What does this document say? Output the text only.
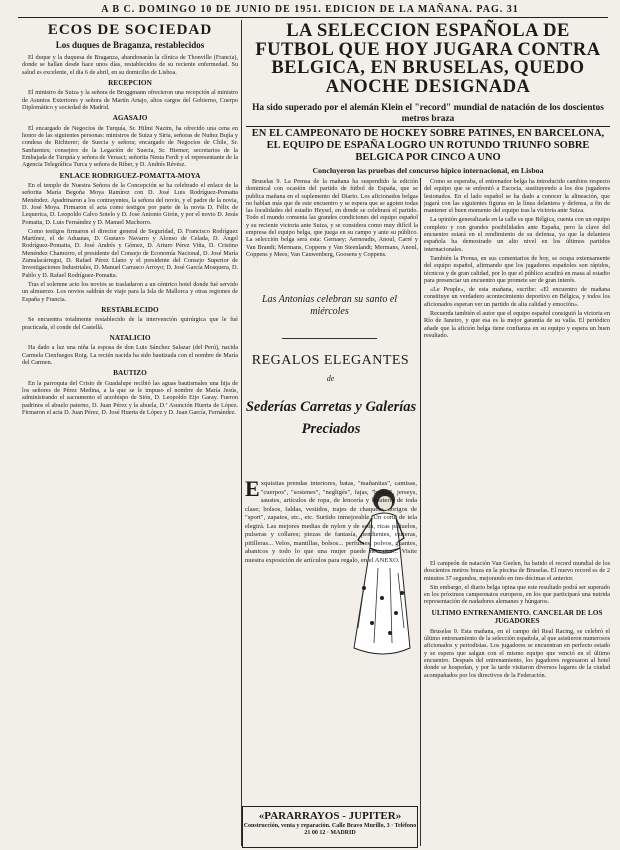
A B C. DOMINGO 10 DE JUNIO DE 1951. EDICION DE LA MAÑANA. PAG. 31
ECOS DE SOCIEDAD
Los duques de Braganza, restablecidos

El duque y la duquesa de Braganza, abandonarán la clínica de Thonville (Francia), donde se hallan desde hace unos días, restablecidos de su reciente enfermedad. Su salud es excelente, el día 6 de abril, en su domicilio de Lisboa.

RECEPCION

El ministro de Suiza y la señora de Bruggmann ofrecieron una recepción al ministro de Asuntos Exteriores y señora de Martín Artajo, altos cargos del Gobierno, Cuerpo Diplomático y sociedad de Madrid.

AGASAJO

El encargado de Negocios de Turquía, Sr. Hilmi Nazim, ha ofrecido una cena en honor de las siguientes personas: ministros de Suiza y Siria, señoras de Nuñez Bujía y condesa de Richterer; de Suecia y señora; encargado de Negocios de Chile, Sr. Sanfuentes; consejero de la Legación de Suecia, Sr. Hiemer; secretarios de la Embajada de Turquía y señora de Versaci; señorita Nesta Ferdi y el representante de la Agencia Telegráfica Turca y señora de Riber, y D. Andrés Révész.

ENLACE RODRIGUEZ-POMATTA-MOYA

En el templo de Nuestra Señora de la Concepción se ha celebrado el enlace de la señorita María Begoña Moya Ramírez con D. José Luis Rodríguez-Pomatta Menéndez. Apadrinaron a los contrayentes, la señora del novio, y el padre de la novia, D. José Moya. Firmaron el acta como testigos por parte de la novia D. Félix de Lequerica, D. Leopoldo Calvo Sotelo y D. José Antonio Girón, y por el novio D. Jesús Pomatta, D. Luis Fernández y D. Manuel Machorro.

Como testigos firmaron el director general de Seguridad, D. Francisco Rodríguez Martínez, el de Aduanas, D. Gustavo Navarro y Alonso de Celada, D. Ángel Rodríguez-Pomatta, D. José Andrés y Gómez, D. Arturo Pérez Viña, D. Cristino Menéndez Chamorro, el presidente del Consejo de Economía Nacional, D. José María Zumalacárregui, D. Rafael Pérez Llano y el presidente del Consejo Superior de Investigaciones Industriales, D. Manuel Carrasco Arroyo; D. José García Mosquera, D. Pablo y D. Rafael Rodríguez-Pomatta.

Tras el solemne acto los novios se trasladaron a un céntrico hotel donde fué servido un almuerzo. Los novios saldrán de viaje para la Isla de Mallorca y otras regiones de España y Francia.

RESTABLECIDO

Se encuentra totalmente restablecido de la intervención quirúrgica que le fué practicada, el conde del Castellá.

NATALICIO

Ha dado a luz una niña la esposa de don Luis Sánchez Salazar (del Perú), nacida Carmela Cienfuegos Roig. La recién nacida ha sido bautizada con el nombre de María del Carmen.

BAUTIZO

En la parroquia del Cristo de Guadalupe recibió las aguas bautismales una hija de los señores de Pérez Medina, a la que se le impuso el nombre de María Jesús, administrando el sacramento el arzobispo de Sión, D. Leopoldo Eijo Garay. Fueron padrinos el abuelo paterno, D. Juan Pérez y la abuela, D.ª Asunción Huerta de López. Firmaron el acta D. Juan Pérez, D. José Huerta de López y D. Juan García, Fernández.

LA SELECCION ESPAÑOLA DE FUTBOL QUE HOY JUGARA CONTRA BELGICA, EN BRUSELAS, QUEDO ANOCHE DESIGNADA
Ha sido superado por el alemán Klein el "record" mundial de natación de los doscientos metros braza
EN EL CAMPEONATO DE HOCKEY SOBRE PATINES, EN BARCELONA, EL EQUIPO DE ESPAÑA LOGRO UN ROTUNDO TRIUNFO SOBRE BELGICA POR CINCO A UNO
Concluyeron las pruebas del concurso hípico internacional, en Lisboa

Bruselas 9. La Prensa de la mañana ha suspendido la edición dominical con ocasión del partido de fútbol de España, que se publica mañana en el suplemento del Diario. Los aficionados belgas no hablan más que de este encuentro y se espera que se agoten todas las localidades del estadio Heysel, en donde se celebrará el partido. Todo el mundo comenta las grandes condiciones del equipo español y su reciente victoria ante Suiza, y se considera como muy difícil la empresa del equipo belga, que juega en su campo y ante su público. La selección belga será esta: Gernaey; Aernoudts, Anoul, Carré y Van Brandt; Mermans, Coppens y Van Steenlandt; Mermans, Anoul, Coppens y Mees; Van Cauwenberg, Goosens y Coppens.

Como se esperaba, el entrenador belga ha introducido cambios respecto del equipo que se enfrentó a Escocia, sustituyendo a los dos jugadores lesionados. En el lado español se ha dado a conocer la alineación, que jugará con las siguientes figuras en la línea delantera y defensa, a fin de mantener el buen momento del equipo tras la victoria ante Suiza.

La opinión generalizada en la calle es que Bélgica, cuenta con un equipo completo y con grandes posibilidades ante España, pero la clave del encuentro estará en el rendimiento de su defensa, ya que la delantera española ha demostrado un alto nivel en los últimos partidos internacionales.

También la Prensa, en sus comentarios de hoy, se ocupa extensamente del equipo español, afirmando que los jugadores españoles son rápidos, técnicos y de gran calidad, por lo que el público acudirá en masa al estadio para presenciar un encuentro que promete ser de gran interés.

«Le Peuple», de esta mañana, escribe: «El encuentro de mañana constituye un verdadero acontecimiento deportivo en Bélgica, y todos los aficionados esperan ver un partido de alta calidad y emoción».

Recuerda también el autor que el equipo español consiguió la victoria en Río de Janeiro, y que esa es la mejor garantía de su valía. El periódico añade que la afición belga tiene confianza en su equipo y espera un buen resultado.

El campeón de natación Van Geelen, ha batido el record mundial de los doscientos metros braza en la piscina de Bruselas. El nuevo record es de 2 minutos 37 segundos, mejorando en tres décimas el anterior.

Sin embargo, el diario belga opina que este resultado podrá ser superado en los próximos campeonatos europeos, en los que participará una nutrida representación de nadadores alemanes y húngaros.

ULTIMO ENTRENAMIENTO. CANCELAR DE LOS JUGADORES

Bruselas 9. Esta mañana, en el campo del Real Racing, se celebró el último entrenamiento de la selección española, al que asistieron numerosos aficionados y periodistas. Los jugadores se encuentran en perfecto estado y se espera que salgan con el mismo equipo que venció en el último encuentro. Después del entrenamiento, los jugadores regresaron al hotel donde se hospedan, y por la tarde visitaron diversos lugares de la ciudad acompañados por los directivos de la Federación.

Las Antonias celebran su santo el miércoles
REGALOS ELEGANTES
de
Sederías Carretas y Galerías Preciados
E xquisitas prendas interiores, batas, "mañanitas", camisas, "cuerpos", "sostenes", "negligés", fajas, "bodys", jerseys, saustes, artículos de ropa, de lencería y bisutería de toda clase; bolsos, faldas, vestidos, trajes de chaqueta, abrigos de "sport", zapatos, etc., etc. Surtido inmejorable. Un corte de tela elegirá. Las mejores medias de nylon y de seda, ricas pañuelos, pulseras y collares; piezas de fantasía, pendientes, carteras, pitilleras... Velos, mantillas, bolsos... perfumes, polvos, guantes, abanicos y todo lo que una mujer puede necesitar... Visite nuestra exposición de artículos para regalo, en el ANEXO.
«PARARRAYOS - JUPITER»
Construcción, venta y reparación. Calle Bravo Murillo, 3 · Teléfono 21 00 12 · MADRID
